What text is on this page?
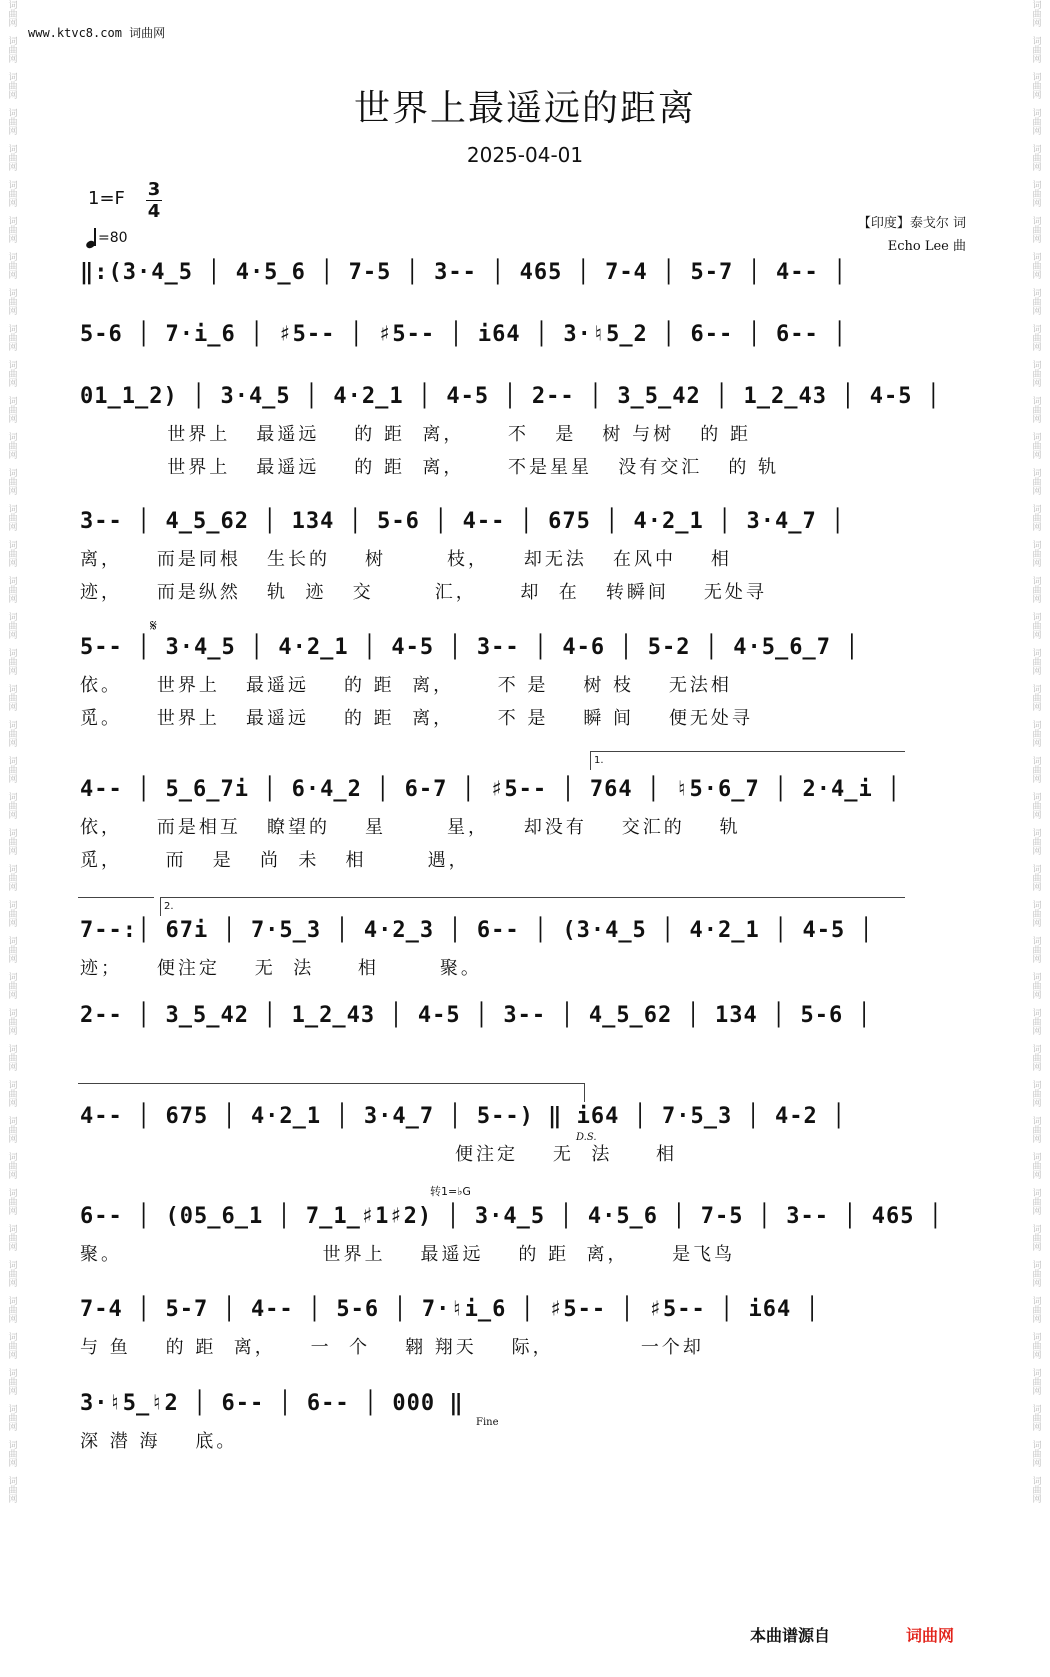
词曲网
词曲网
词曲网
词曲网
词曲网
词曲网
词曲网
词曲网
词曲网
词曲网
词曲网
词曲网
词曲网
词曲网
词曲网
词曲网
词曲网
词曲网
词曲网
词曲网
词曲网
词曲网
词曲网
词曲网
词曲网
词曲网
词曲网
词曲网
词曲网
词曲网
词曲网
词曲网
词曲网
词曲网
词曲网
词曲网
词曲网
词曲网
词曲网
词曲网
词曲网
词曲网
词曲网
词曲网
词曲网
词曲网
词曲网
词曲网
词曲网
词曲网
词曲网
词曲网
词曲网
词曲网
词曲网
词曲网
词曲网
词曲网
词曲网
词曲网
词曲网
词曲网
词曲网
词曲网
词曲网
词曲网
词曲网
词曲网
词曲网
词曲网
词曲网
词曲网
词曲网
词曲网
词曲网
词曲网
词曲网
词曲网
词曲网
词曲网
词曲网
词曲网
词曲网
词曲网
www.ktvc8.com 词曲网
世界上最遥远的距离
2025-04-01
1=F 3
4
=80
【印度】泰戈尔 词
Echo Lee 曲
‖:(3·4̲5 │ 4·5̲6 │ 7-5 │ 3-- │ 465 │ 7-4 │ 5-7 │ 4-- │
5-6 │ 7·i̲6 │ ♯5-- │ ♯5-- │ i64 │ 3·♮5̲2 │ 6-- │ 6-- │
01̲1̲2) │ 3·4̲5 │ 4·2̲1 │ 4-5 │ 2-- │ 3̲5̲42 │ 1̲2̲43 │ 4-5 │
世界上   最遥远    的 距  离，     不   是   树 与树   的 距
世界上   最遥远    的 距  离，     不是星星   没有交汇   的 轨
3-- │ 4̲5̲62 │ 134 │ 5-6 │ 4-- │ 675 │ 4·2̲1 │ 3·4̲7 │
离，    而是同根   生长的    树       枝，    却无法   在风中    相
迹，    而是纵然   轨  迹   交       汇，     却  在   转瞬间    无处寻
5-- │ 3·4̲5 │ 4·2̲1 │ 4-5 │ 3-- │ 4-6 │ 5-2 │ 4·5̲6̲7 │
依。    世界上   最遥远    的 距  离，     不 是    树 枝    无法相
觅。    世界上   最遥远    的 距  离，     不 是    瞬 间    便无处寻
4-- │ 5̲6̲7i │ 6·4̲2 │ 6-7 │ ♯5-- │ 764 │ ♮5·6̲7 │ 2·4̲i │
依，    而是相互   瞭望的    星       星，    却没有    交汇的    轨
觅，     而   是   尚  未   相       遇，
7--:│ 67i │ 7·5̲3 │ 4·2̲3 │ 6-- │ (3·4̲5 │ 4·2̲1 │ 4-5 │
迹；    便注定    无  法     相       聚。
2-- │ 3̲5̲42 │ 1̲2̲43 │ 4-5 │ 3-- │ 4̲5̲62 │ 134 │ 5-6 │
4-- │ 675 │ 4·2̲1 │ 3·4̲7 │ 5--) ‖ i64 │ 7·5̲3 │ 4-2 │
便注定    无  法     相
6-- │ (05̲6̲1 │ 7̲1̲♯1♯2) │ 3·4̲5 │ 4·5̲6 │ 7-5 │ 3-- │ 465 │
聚。                       世界上    最遥远    的 距  离，     是飞鸟
7-4 │ 5-7 │ 4-- │ 5-6 │ 7·♮i̲6 │ ♯5-- │ ♯5-- │ i64 │
与 鱼    的 距  离，    一  个    翱 翔天    际，          一个却
3·♮5̲♮2 │ 6-- │ 6-- │ 000 ‖
深 潜 海    底。
𝄋
1.
2.
D.S.
转1=♭G
Fine
本曲谱源自	词曲网
